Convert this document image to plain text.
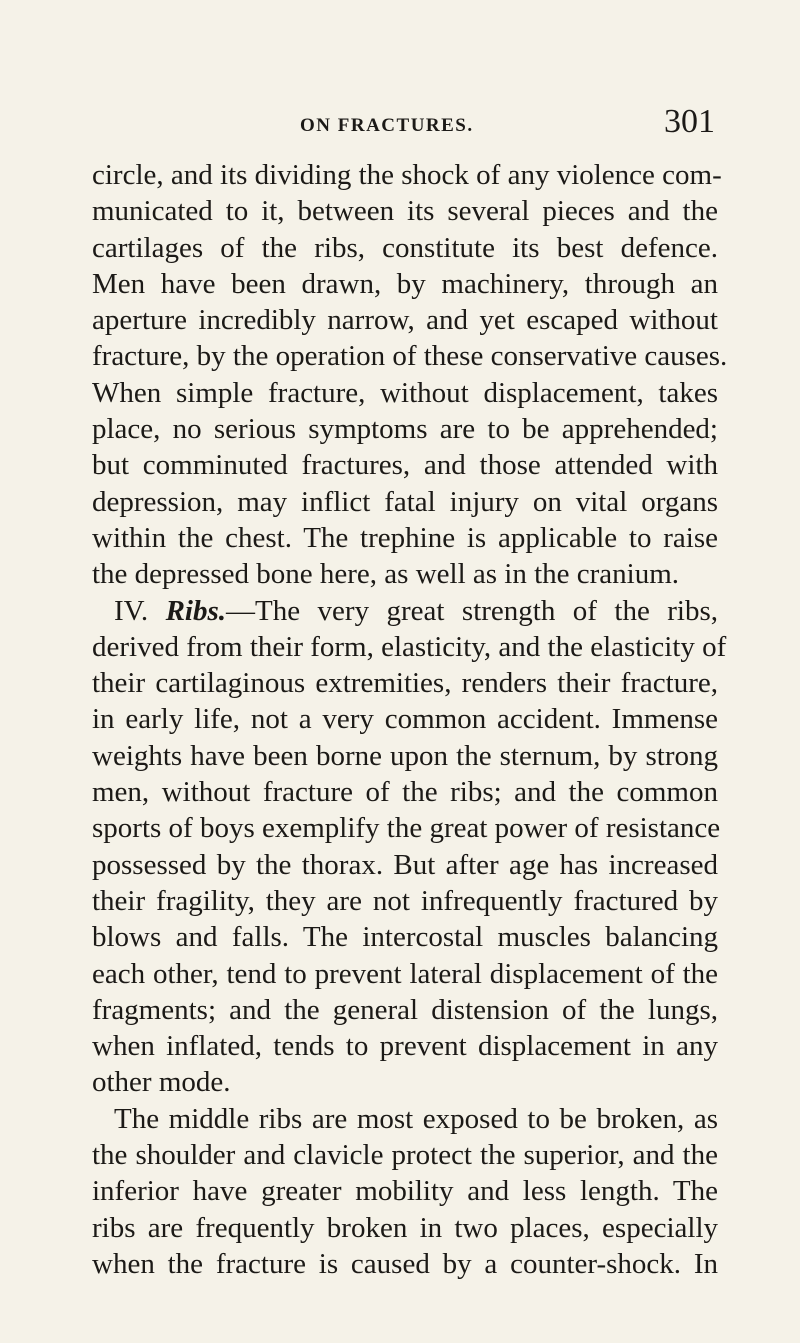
ON FRACTURES.	301
circle, and its dividing the shock of any violence com-
municated to it, between its several pieces and the
cartilages of the ribs, constitute its best defence.
Men have been drawn, by machinery, through an
aperture incredibly narrow, and yet escaped without
fracture, by the operation of these conservative causes.
When simple fracture, without displacement, takes
place, no serious symptoms are to be apprehended;
but comminuted fractures, and those attended with
depression, may inflict fatal injury on vital organs
within the chest. The trephine is applicable to raise
the depressed bone here, as well as in the cranium.
IV. Ribs.—The very great strength of the ribs,
derived from their form, elasticity, and the elasticity of
their cartilaginous extremities, renders their fracture,
in early life, not a very common accident. Immense
weights have been borne upon the sternum, by strong
men, without fracture of the ribs; and the common
sports of boys exemplify the great power of resistance
possessed by the thorax. But after age has increased
their fragility, they are not infrequently fractured by
blows and falls. The intercostal muscles balancing
each other, tend to prevent lateral displacement of the
fragments; and the general distension of the lungs,
when inflated, tends to prevent displacement in any
other mode.
The middle ribs are most exposed to be broken, as
the shoulder and clavicle protect the superior, and the
inferior have greater mobility and less length. The
ribs are frequently broken in two places, especially
when the fracture is caused by a counter-shock. In
